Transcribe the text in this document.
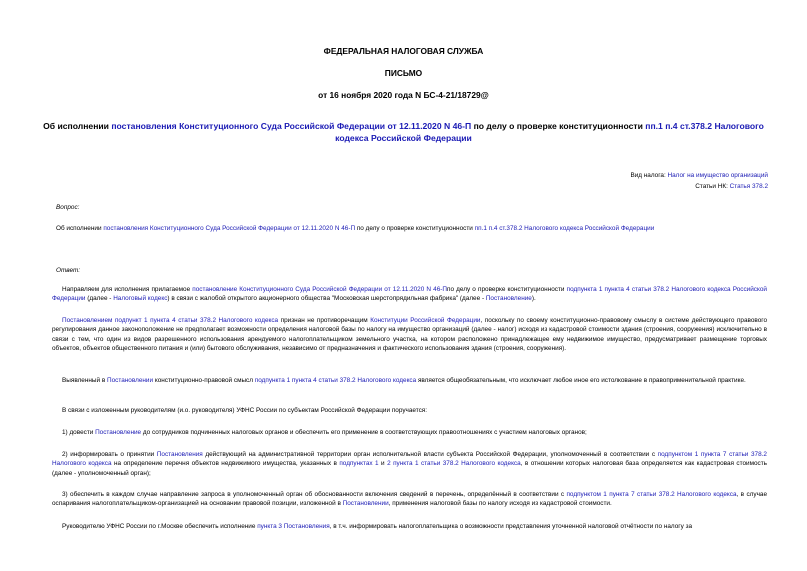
ФЕДЕРАЛЬНАЯ НАЛОГОВАЯ СЛУЖБА
ПИСЬМО
от 16 ноября 2020 года N БС-4-21/18729@
Об исполнении постановления Конституционного Суда Российской Федерации от 12.11.2020 N 46-П по делу о проверке конституционности пп.1 п.4 ст.378.2 Налогового кодекса Российской Федерации
Вид налога: Налог на имущество организаций
Статьи НК: Статья 378.2
Вопрос:
Об исполнении постановления Конституционного Суда Российской Федерации от 12.11.2020 N 46-П по делу о проверке конституционности пп.1 п.4 ст.378.2 Налогового кодекса Российской Федерации
Ответ:
Направляем для исполнения прилагаемое постановление Конституционного Суда Российской Федерации от 12.11.2020 N 46-Ппо делу о проверке конституционности подпункта 1 пункта 4 статьи 378.2 Налогового кодекса Российской Федерации (далее - Налоговый кодекс) в связи с жалобой открытого акционерного общества "Московская шерстопрядильная фабрика" (далее - Постановление).
Постановлением подпункт 1 пункта 4 статьи 378.2 Налогового кодекса признан не противоречащим Конституции Российской Федерации, поскольку по своему конституционно-правовому смыслу в системе действующего правового регулирования данное законоположение не предполагает возможности определения налоговой базы по налогу на имущество организаций (далее - налог) исходя из кадастровой стоимости здания (строения, сооружения) исключительно в связи с тем, что один из видов разрешенного использования арендуемого налогоплательщиком земельного участка, на котором расположено принадлежащее ему недвижимое имущество, предусматривает размещение торговых объектов, объектов общественного питания и (или) бытового обслуживания, независимо от предназначения и фактического использования здания (строения, сооружения).
Выявленный в Постановлении конституционно-правовой смысл подпункта 1 пункта 4 статьи 378.2 Налогового кодекса является общеобязательным, что исключает любое иное его истолкование в правоприменительной практике.
В связи с изложенным руководителям (и.о. руководителя) УФНС России по субъектам Российской Федерации поручается:
1) довести Постановление до сотрудников подчиненных налоговых органов и обеспечить его применение в соответствующих правоотношениях с участием налоговых органов;
2) информировать о принятии Постановления действующий на административной территории орган исполнительной власти субъекта Российской Федерации, уполномоченный в соответствии с подпунктом 1 пункта 7 статьи 378.2 Налогового кодекса на определение перечня объектов недвижимого имущества, указанных в подпунктах 1 и 2 пункта 1 статьи 378.2 Налогового кодекса, в отношении которых налоговая база определяется как кадастровая стоимость (далее - уполномоченный орган);
3) обеспечить в каждом случае направление запроса в уполномоченный орган об обоснованности включения сведений в перечень, определённый в соответствии с подпунктом 1 пункта 7 статьи 378.2 Налогового кодекса, в случае оспаривания налогоплательщиком-организацией на основании правовой позиции, изложенной в Постановлении, применения налоговой базы по налогу исходя из кадастровой стоимости.
Руководителю УФНС России по г.Москве обеспечить исполнение пункта 3 Постановления, в т.ч. информировать налогоплательщика о возможности представления уточненной налоговой отчётности по налогу за
